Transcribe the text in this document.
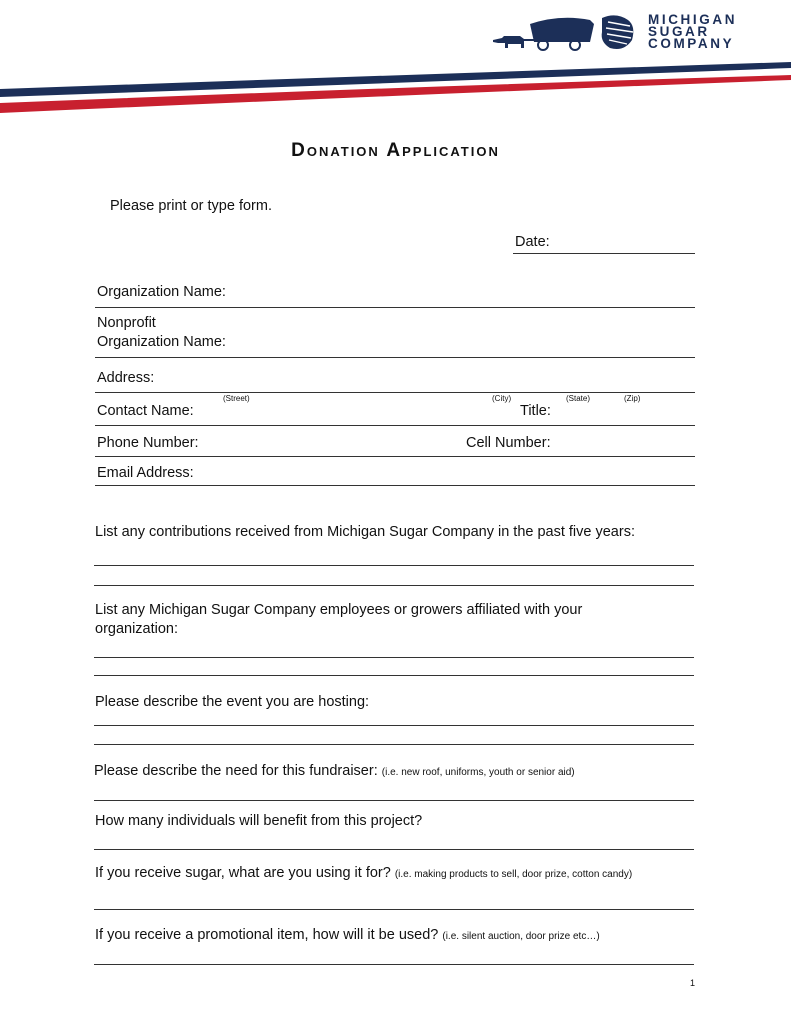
MICHIGAN
SUGAR
COMPANY
Donation Application
Please print or type form.
Date:
Organization Name:
Nonprofit
Organization Name:
Address:
(Street)	(City)	(State)	(Zip)
Contact Name:	Title:
Phone Number:	Cell Number:
Email Address:
List any contributions received from Michigan Sugar Company in the past five years:
List any Michigan Sugar Company employees or growers affiliated with your
organization:
Please describe the event you are hosting:
Please describe the need for this fundraiser: (i.e. new roof, uniforms, youth or senior aid)
How many individuals will benefit from this project?
If you receive sugar, what are you using it for? (i.e. making products to sell, door prize, cotton candy)
If you receive a promotional item, how will it be used? (i.e. silent auction, door prize etc…)
1
